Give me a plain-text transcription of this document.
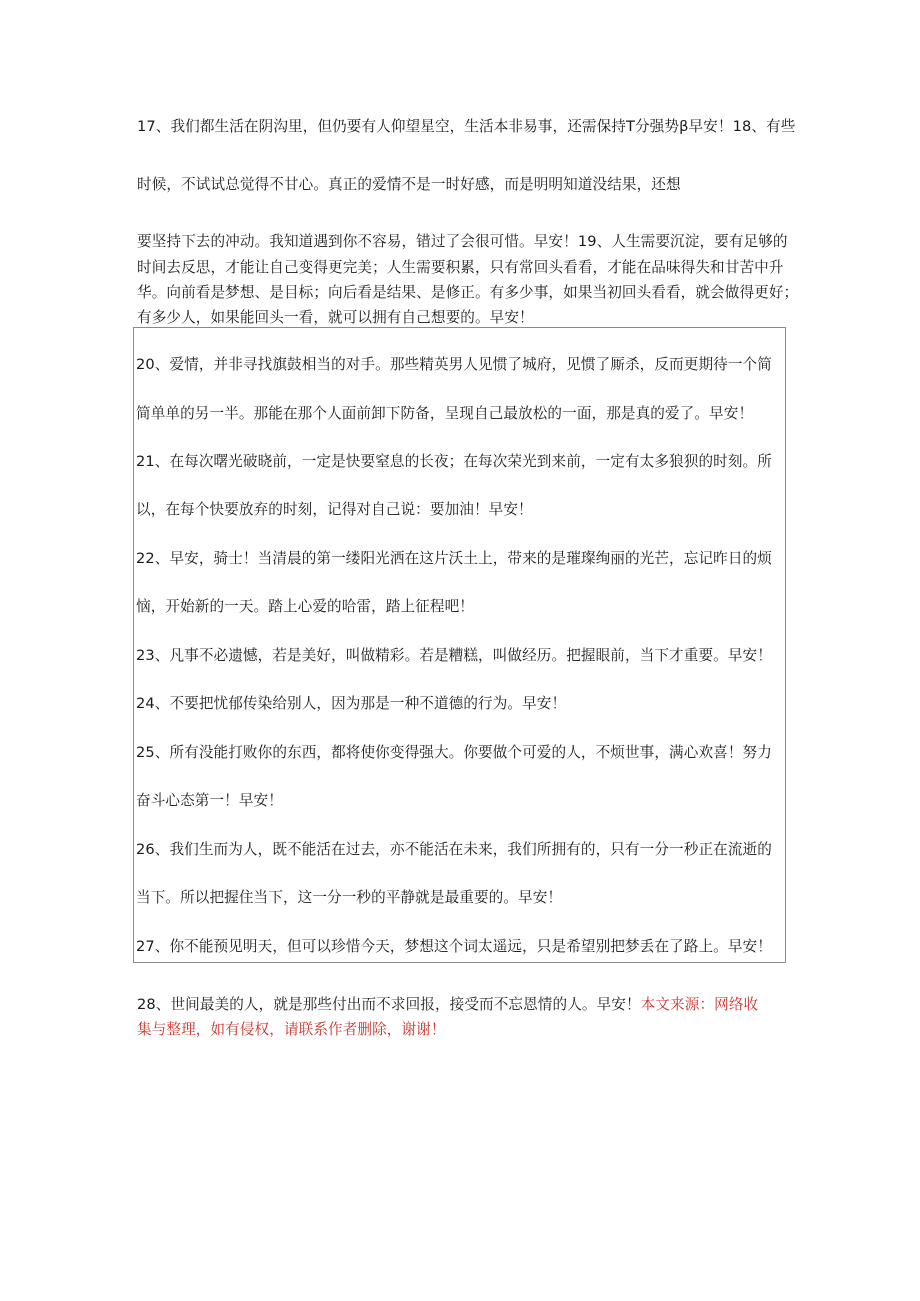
17、我们都生活在阴沟里，但仍要有人仰望星空，生活本非易事，还需保持T分强势β早安！18、有些
时候，不试试总觉得不甘心。真正的爱情不是一时好感，而是明明知道没结果，还想
要坚持下去的冲动。我知道遇到你不容易，错过了会很可惜。早安！19、人生需要沉淀，要有足够的
时间去反思，才能让自己变得更完美；人生需要积累，只有常回头看看，才能在品味得失和甘苦中升
华。向前看是梦想、是目标；向后看是结果、是修正。有多少事，如果当初回头看看，就会做得更好；
有多少人，如果能回头一看，就可以拥有自己想要的。早安！
20、爱情，并非寻找旗鼓相当的对手。那些精英男人见惯了城府，见惯了厮杀，反而更期待一个简
简单单的另一半。那能在那个人面前卸下防备，呈现自己最放松的一面，那是真的爱了。早安！
21、在每次曙光破晓前，一定是快要窒息的长夜；在每次荣光到来前，一定有太多狼狈的时刻。所
以，在每个快要放弃的时刻，记得对自己说：要加油！早安！
22、早安，骑士！当清晨的第一缕阳光洒在这片沃土上，带来的是璀璨绚丽的光芒，忘记昨日的烦
恼，开始新的一天。踏上心爱的哈雷，踏上征程吧！
23、凡事不必遗憾，若是美好，叫做精彩。若是糟糕，叫做经历。把握眼前，当下才重要。早安！
24、不要把忧郁传染给别人，因为那是一种不道德的行为。早安！
25、所有没能打败你的东西，都将使你变得强大。你要做个可爱的人，不烦世事，满心欢喜！努力
奋斗心态第一！早安！
26、我们生而为人，既不能活在过去，亦不能活在未来，我们所拥有的，只有一分一秒正在流逝的
当下。所以把握住当下，这一分一秒的平静就是最重要的。早安！
27、你不能预见明天，但可以珍惜今天，梦想这个词太遥远，只是希望别把梦丢在了路上。早安！
28、世间最美的人，就是那些付出而不求回报，接受而不忘恩情的人。早安！本文来源：网络收
集与整理，如有侵权，请联系作者删除，谢谢！
